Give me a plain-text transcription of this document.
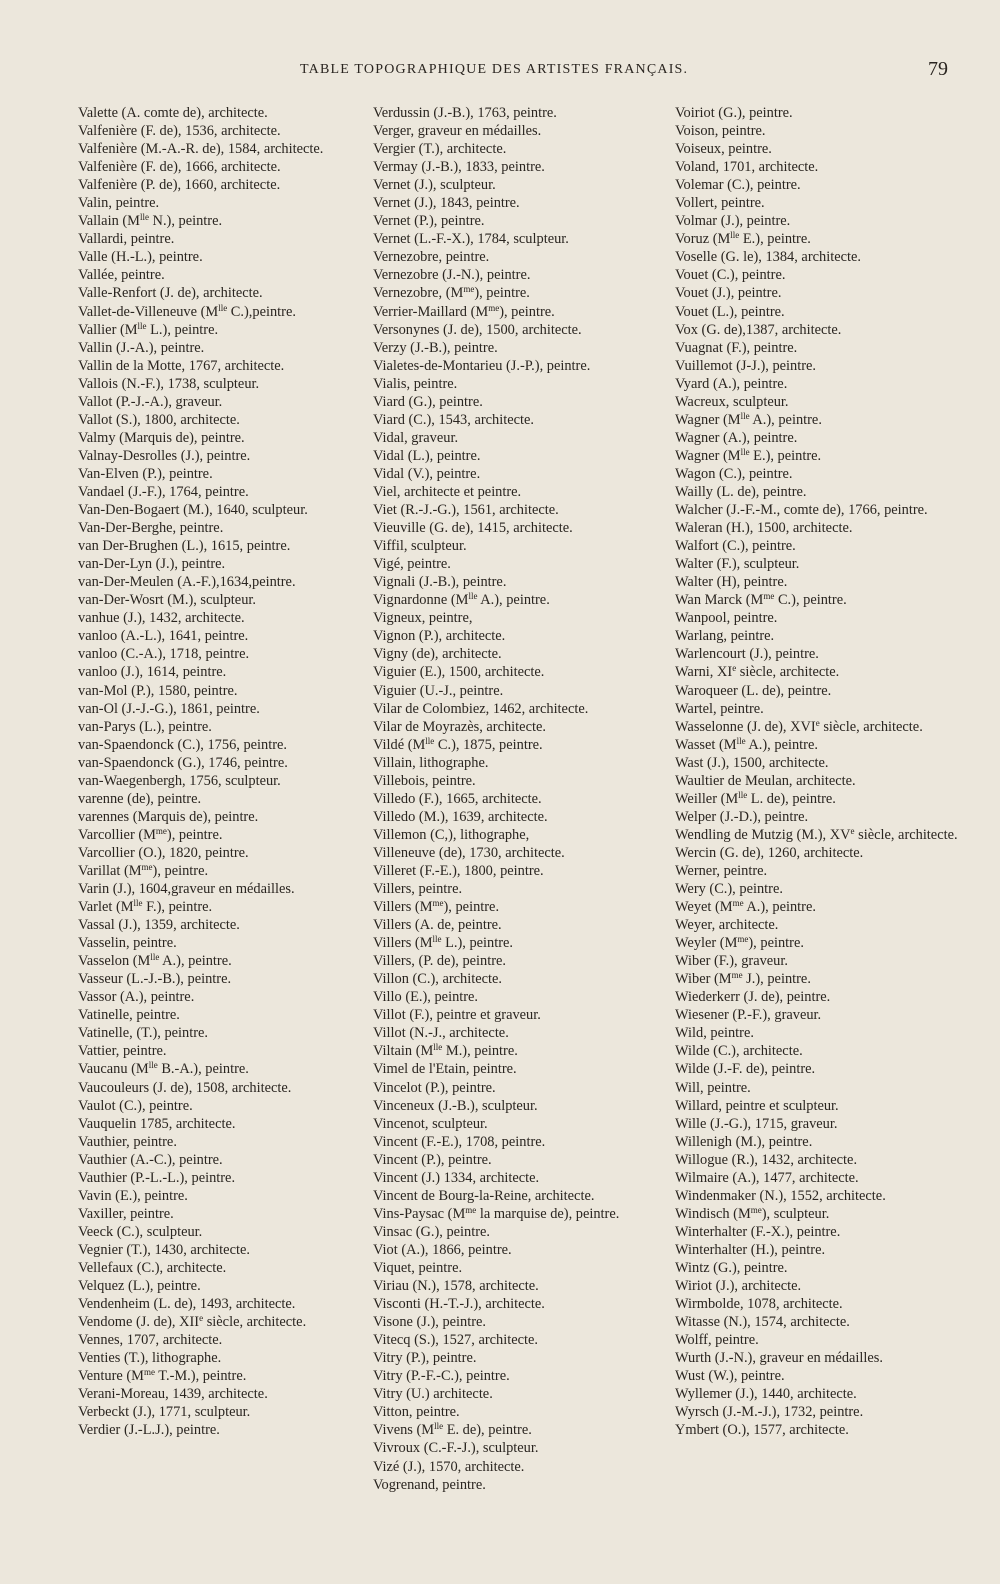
TABLE TOPOGRAPHIQUE DES ARTISTES FRANÇAIS.	79

Valette (A. comte de), architecte.

Valfenière (F. de), 1536, architecte.

Valfenière (M.-A.-R. de), 1584, architecte.

Valfenière (F. de), 1666, architecte.

Valfenière (P. de), 1660, architecte.

Valin, peintre.

Vallain ($M^{lle}$ N.), peintre.

Vallardi, peintre.

Valle (H.-L.), peintre.

Vallée, peintre.

Valle-Renfort (J. de), architecte.

Vallet-de-Villeneuve ($M^{lle}$ C.),peintre.

Vallier ($M^{lle}$ L.), peintre.

Vallin (J.-A.), peintre.

Vallin de la Motte, 1767, architecte.

Vallois (N.-F.), 1738, sculpteur.

Vallot (P.-J.-A.), graveur.

Vallot (S.), 1800, architecte.

Valmy (Marquis de), peintre.

Valnay-Desrolles (J.), peintre.

Van-Elven (P.), peintre.

Vandael (J.-F.), 1764, peintre.

Van-Den-Bogaert (M.), 1640, sculpteur.

Van-Der-Berghe, peintre.

van Der-Brughen (L.), 1615, peintre.

van-Der-Lyn (J.), peintre.

van-Der-Meulen (A.-F.),1634,peintre.

van-Der-Wosrt (M.), sculpteur.

vanhue (J.), 1432, architecte.

vanloo (A.-L.), 1641, peintre.

vanloo (C.-A.), 1718, peintre.

vanloo (J.), 1614, peintre.

van-Mol (P.), 1580, peintre.

van-Ol (J.-J.-G.), 1861, peintre.

van-Parys (L.), peintre.

van-Spaendonck (C.), 1756, peintre.

van-Spaendonck (G.), 1746, peintre.

van-Waegenbergh, 1756, sculpteur.

varenne (de), peintre.

varennes (Marquis de), peintre.

Varcollier $(M^{me})$, peintre.

Varcollier (O.), 1820, peintre.

Varillat $(M^{me})$, peintre.

Varin (J.), 1604,graveur en médailles.

Varlet ($M^{lle}$ F.), peintre.

Vassal (J.), 1359, architecte.

Vasselin, peintre.

Vasselon ($M^{lle}$ A.), peintre.

Vasseur (L.-J.-B.), peintre.

Vassor (A.), peintre.

Vatinelle, peintre.

Vatinelle, (T.), peintre.

Vattier, peintre.

Vaucanu ($M^{lle}$ B.-A.), peintre.

Vaucouleurs (J. de), 1508, architecte.

Vaulot (C.), peintre.

Vauquelin 1785, architecte.

Vauthier, peintre.

Vauthier (A.-C.), peintre.

Vauthier (P.-L.-L.), peintre.

Vavin (E.), peintre.

Vaxiller, peintre.

Veeck (C.), sculpteur.

Vegnier (T.), 1430, architecte.

Vellefaux (C.), architecte.

Velquez (L.), peintre.

Vendenheim (L. de), 1493, architecte.

Vendome (J. de), XIIe siècle, architecte.

Vennes, 1707, architecte.

Venties (T.), lithographe.

Venture ($M^{me}$ T.-M.), peintre.

Verani-Moreau, 1439, architecte.

Verbeckt (J.), 1771, sculpteur.

Verdier (J.-L.J.), peintre.

Verdussin (J.-B.), 1763, peintre.

Verger, graveur en médailles.

Vergier (T.), architecte.

Vermay (J.-B.), 1833, peintre.

Vernet (J.), sculpteur.

Vernet (J.), 1843, peintre.

Vernet (P.), peintre.

Vernet (L.-F.-X.), 1784, sculpteur.

Vernezobre, peintre.

Vernezobre (J.-N.), peintre.

Vernezobre, $(M^{me})$, peintre.

Verrier-Maillard $(M^{me})$, peintre.

Versonynes (J. de), 1500, architecte.

Verzy (J.-B.), peintre.

Vialetes-de-Montarieu (J.-P.), peintre.

Vialis, peintre.

Viard (G.), peintre.

Viard (C.), 1543, architecte.

Vidal, graveur.

Vidal (L.), peintre.

Vidal (V.), peintre.

Viel, architecte et peintre.

Viet (R.-J.-G.), 1561, architecte.

Vieuville (G. de), 1415, architecte.

Viffil, sculpteur.

Vigé, peintre.

Vignali (J.-B.), peintre.

Vignardonne ($M^{lle}$ A.), peintre.

Vigneux, peintre,

Vignon (P.), architecte.

Vigny (de), architecte.

Viguier (E.), 1500, architecte.

Viguier (U.-J., peintre.

Vilar de Colombiez, 1462, architecte.

Vilar de Moyrazès, architecte.

Vildé ($M^{lle}$ C.), 1875, peintre.

Villain, lithographe.

Villebois, peintre.

Villedo (F.), 1665, architecte.

Villedo (M.), 1639, architecte.

Villemon (C,), lithographe,

Villeneuve (de), 1730, architecte.

Villeret (F.-E.), 1800, peintre.

Villers, peintre.

Villers $(M^{me})$, peintre.

Villers (A. de, peintre.

Villers ($M^{lle}$ L.), peintre.

Villers, (P. de), peintre.

Villon (C.), architecte.

Villo (E.), peintre.

Villot (F.), peintre et graveur.

Villot (N.-J., architecte.

Viltain ($M^{lle}$ M.), peintre.

Vimel de l'Etain, peintre.

Vincelot (P.), peintre.

Vinceneux (J.-B.), sculpteur.

Vincenot, sculpteur.

Vincent (F.-E.), 1708, peintre.

Vincent (P.), peintre.

Vincent (J.) 1334, architecte.

Vincent de Bourg-la-Reine, architecte.

Vins-Paysac ($M^{me}$ la marquise de), peintre.

Vinsac (G.), peintre.

Viot (A.), 1866, peintre.

Viquet, peintre.

Viriau (N.), 1578, architecte.

Visconti (H.-T.-J.), architecte.

Visone (J.), peintre.

Vitecq (S.), 1527, architecte.

Vitry (P.), peintre.

Vitry (P.-F.-C.), peintre.

Vitry (U.) architecte.

Vitton, peintre.

Vivens ($M^{lle}$ E. de), peintre.

Vivroux (C.-F.-J.), sculpteur.

Vizé (J.), 1570, architecte.

Vogrenand, peintre.

Voiriot (G.), peintre.

Voison, peintre.

Voiseux, peintre.

Voland, 1701, architecte.

Volemar (C.), peintre.

Vollert, peintre.

Volmar (J.), peintre.

Voruz ($M^{lle}$ E.), peintre.

Voselle (G. le), 1384, architecte.

Vouet (C.), peintre.

Vouet (J.), peintre.

Vouet (L.), peintre.

Vox (G. de),1387, architecte.

Vuagnat (F.), peintre.

Vuillemot (J-J.), peintre.

Vyard (A.), peintre.

Wacreux, sculpteur.

Wagner ($M^{lle}$ A.), peintre.

Wagner (A.), peintre.

Wagner ($M^{lle}$ E.), peintre.

Wagon (C.), peintre.

Wailly (L. de), peintre.

Walcher (J.-F.-M., comte de), 1766, peintre.

Waleran (H.), 1500, architecte.

Walfort (C.), peintre.

Walter (F.), sculpteur.

Walter (H), peintre.

Wan Marck ($M^{me}$ C.), peintre.

Wanpool, peintre.

Warlang, peintre.

Warlencourt (J.), peintre.

Warni, XIe siècle, architecte.

Waroqueer (L. de), peintre.

Wartel, peintre.

Wasselonne (J. de), XVIe siècle, architecte.

Wasset ($M^{lle}$ A.), peintre.

Wast (J.), 1500, architecte.

Waultier de Meulan, architecte.

Weiller ($M^{lle}$ L. de), peintre.

Welper (J.-D.), peintre.

Wendling de Mutzig (M.), XVe siècle, architecte.

Wercin (G. de), 1260, architecte.

Werner, peintre.

Wery (C.), peintre.

Weyet ($M^{me}$ A.), peintre.

Weyer, architecte.

Weyler $(M^{me})$, peintre.

Wiber (F.), graveur.

Wiber ($M^{me}$ J.), peintre.

Wiederkerr (J. de), peintre.

Wiesener (P.-F.), graveur.

Wild, peintre.

Wilde (C.), architecte.

Wilde (J.-F. de), peintre.

Will, peintre.

Willard, peintre et sculpteur.

Wille (J.-G.), 1715, graveur.

Willenigh (M.), peintre.

Willogue (R.), 1432, architecte.

Wilmaire (A.), 1477, architecte.

Windenmaker (N.), 1552, architecte.

Windisch $(M^{me})$, sculpteur.

Winterhalter (F.-X.), peintre.

Winterhalter (H.), peintre.

Wintz (G.), peintre.

Wiriot (J.), architecte.

Wirmbolde, 1078, architecte.

Witasse (N.), 1574, architecte.

Wolff, peintre.

Wurth (J.-N.), graveur en médailles.

Wust (W.), peintre.

Wyllemer (J.), 1440, architecte.

Wyrsch (J.-M.-J.), 1732, peintre.

Ymbert (O.), 1577, architecte.
